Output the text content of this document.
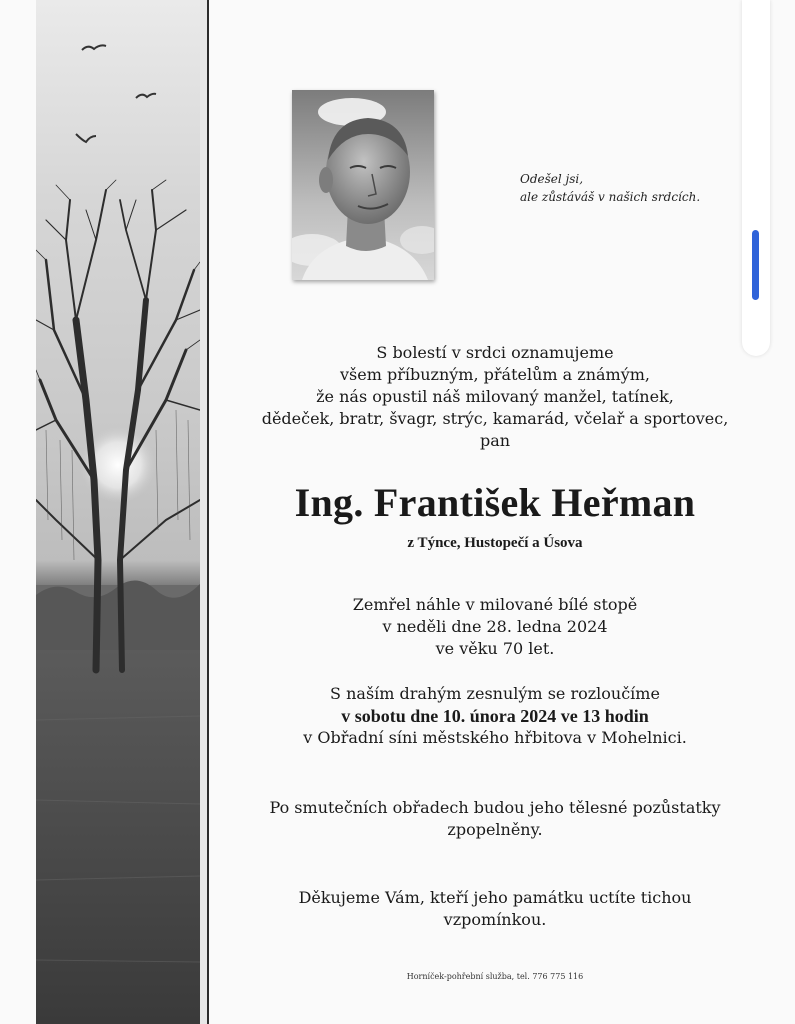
Odešel jsi,
ale zůstáváš v našich srdcích.
S bolestí v srdci oznamujeme
všem příbuzným, přátelům a známým,
že nás opustil náš milovaný manžel, tatínek,
dědeček, bratr, švagr, strýc, kamarád, včelař a sportovec,
pan
Ing. František Heřman
z Týnce, Hustopečí a Úsova
Zemřel náhle v milované bílé stopě
v neděli dne 28. ledna 2024
ve věku 70 let.
S naším drahým zesnulým se rozloučíme
v sobotu dne 10. února 2024 ve 13 hodin
v Obřadní síni městského hřbitova v Mohelnici.
Po smutečních obřadech budou jeho tělesné pozůstatky
zpopelněny.
Děkujeme Vám, kteří jeho památku uctíte tichou
vzpomínkou.
Horníček-pohřební služba, tel. 776 775 116
